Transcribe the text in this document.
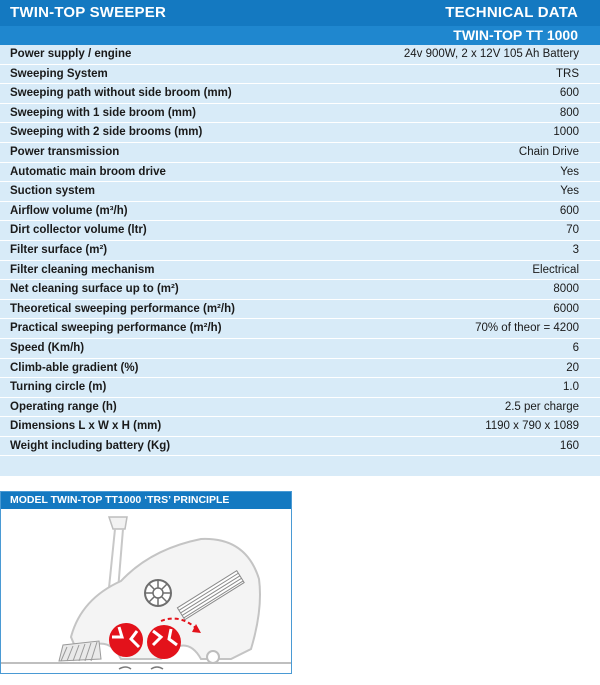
TWIN-TOP SWEEPER	TECHNICAL DATA
TWIN-TOP TT 1000
Power supply / engine	24v 900W, 2 x 12V 105 Ah Battery
Sweeping System	TRS
Sweeping path without side broom (mm)	600
Sweeping with 1 side broom (mm)	800
Sweeping with 2 side brooms (mm)	1000
Power transmission	Chain Drive
Automatic main broom drive	Yes
Suction system	Yes
Airflow volume (m³/h)	600
Dirt collector volume (ltr)	70
Filter surface (m²)	3
Filter cleaning mechanism	Electrical
Net cleaning surface up to (m²)	8000
Theoretical sweeping performance (m²/h)	6000
Practical sweeping performance (m²/h)	70% of theor = 4200
Speed (Km/h)	6
Climb-able gradient (%)	20
Turning circle (m)	1.0
Operating range (h)	2.5 per charge
Dimensions L x W x H (mm)	1190 x 790 x 1089
Weight including battery (Kg)	160
MODEL TWIN-TOP TT1000 ‘TRS’ PRINCIPLE
